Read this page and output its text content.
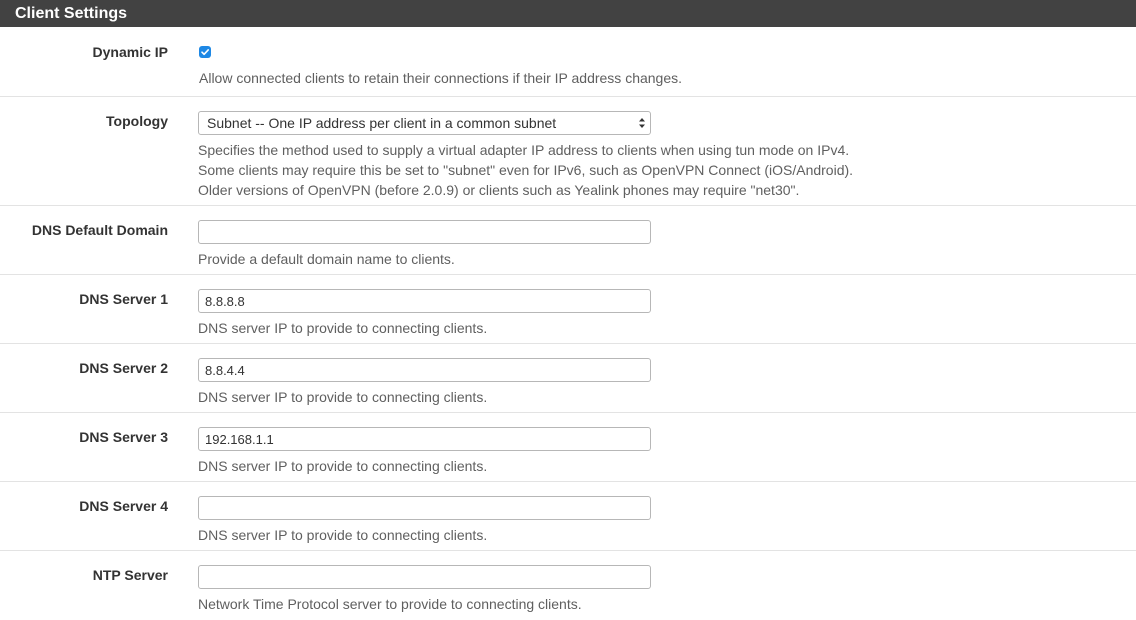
Client Settings
Dynamic IP
Allow connected clients to retain their connections if their IP address changes.
Topology	Subnet -- One IP address per client in a common subnet
Specifies the method used to supply a virtual adapter IP address to clients when using tun mode on IPv4.
Some clients may require this be set to "subnet" even for IPv6, such as OpenVPN Connect (iOS/Android).
Older versions of OpenVPN (before 2.0.9) or clients such as Yealink phones may require "net30".
DNS Default Domain
Provide a default domain name to clients.
DNS Server 1
8.8.8.8
DNS server IP to provide to connecting clients.
DNS Server 2
8.8.4.4
DNS server IP to provide to connecting clients.
DNS Server 3
192.168.1.1
DNS server IP to provide to connecting clients.
DNS Server 4
DNS server IP to provide to connecting clients.
NTP Server
Network Time Protocol server to provide to connecting clients.
